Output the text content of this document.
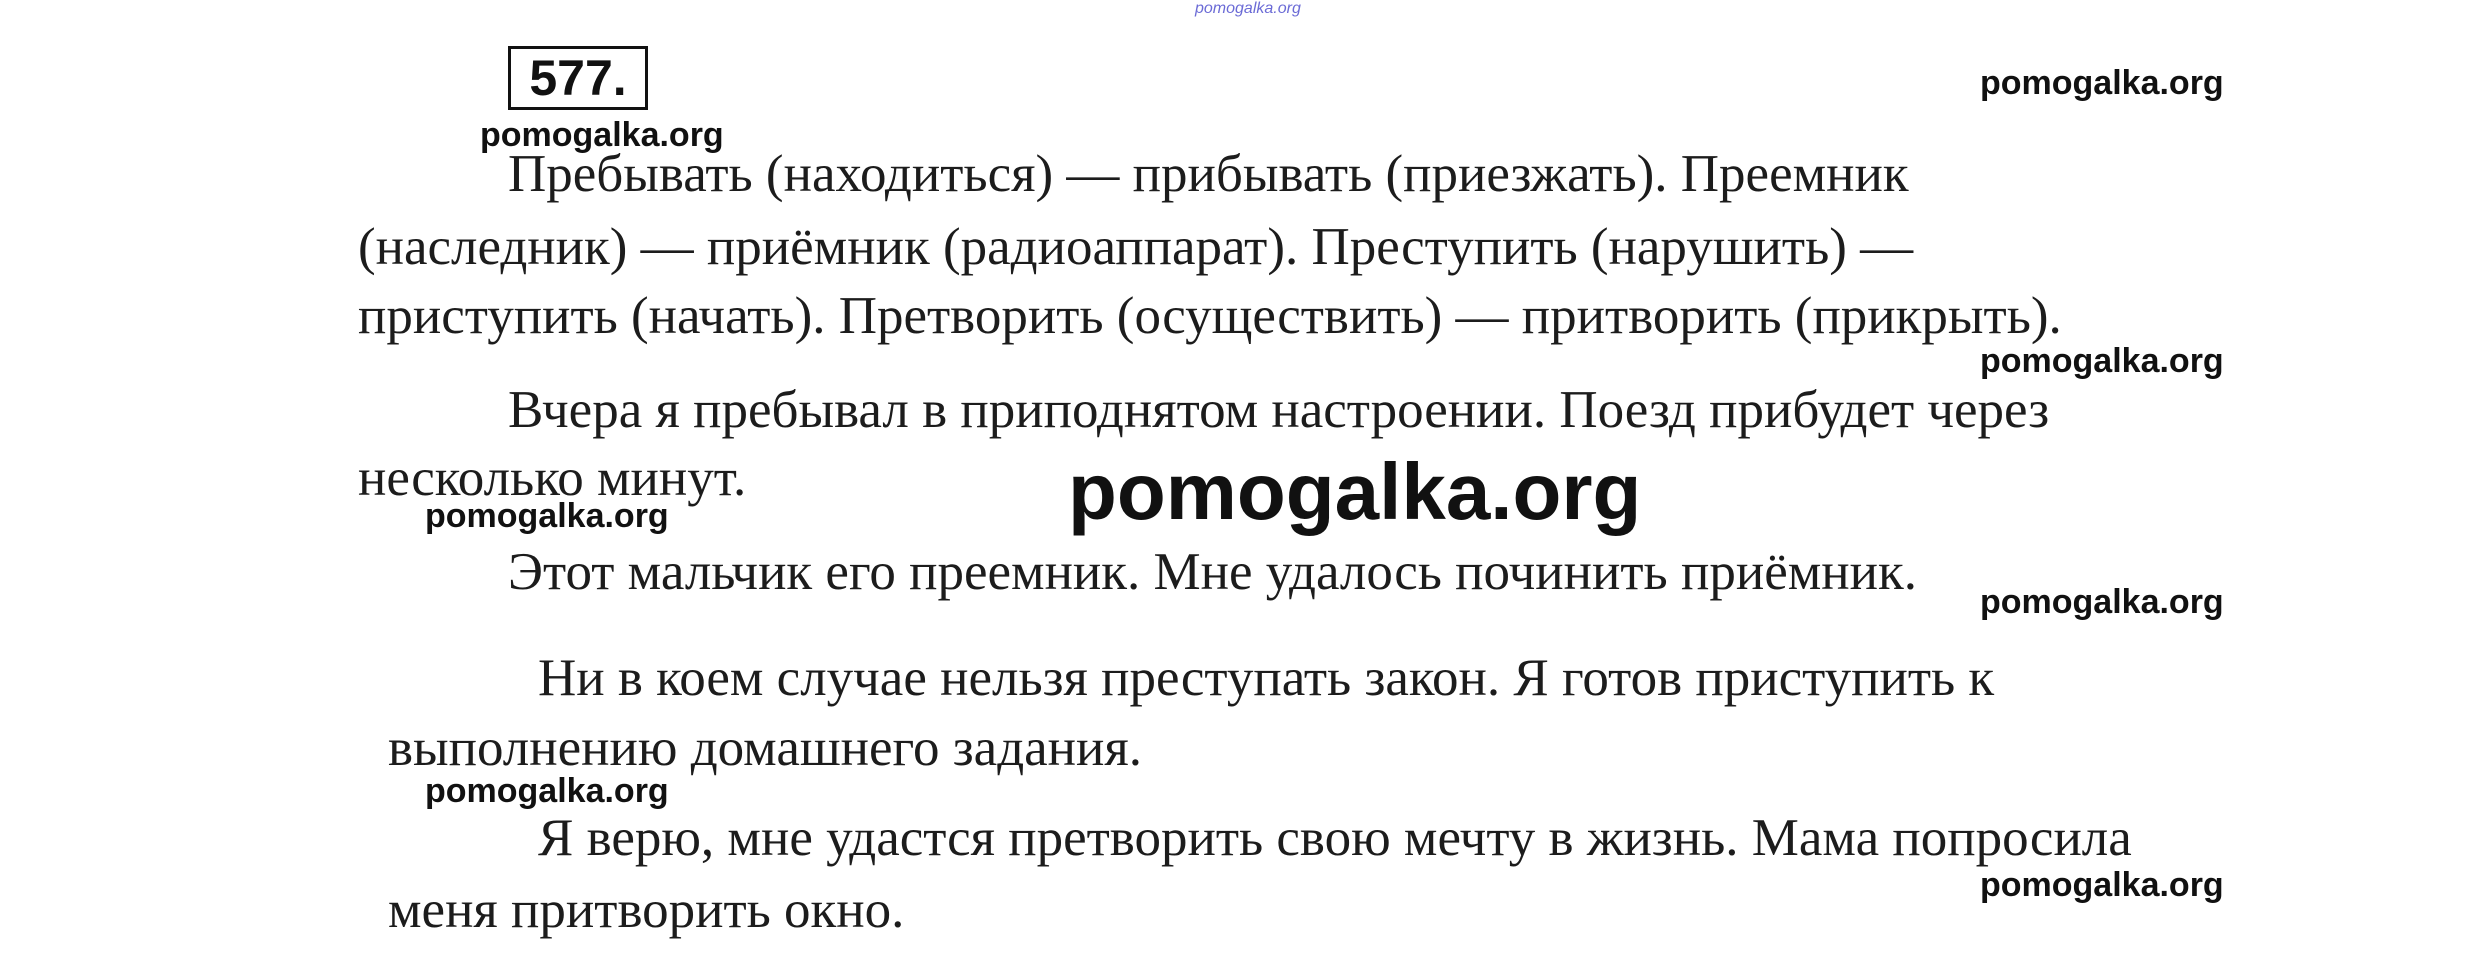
pomogalka.org
577.
pomogalka.org
pomogalka.org
pomogalka.org
pomogalka.org
pomogalka.org
pomogalka.org
pomogalka.org
pomogalka.org
Пребывать (находиться) — прибывать (приезжать). Преемник
(наследник) — приёмник (радиоаппарат). Преступить (нарушить) —
приступить (начать). Претворить (осуществить) — притворить (прикрыть).
Вчера я пребывал в приподнятом настроении. Поезд прибудет через
несколько минут.
Этот мальчик его преемник. Мне удалось починить приёмник.
Ни в коем случае нельзя преступать закон. Я готов приступить к
выполнению домашнего задания.
Я верю, мне удастся претворить свою мечту в жизнь. Мама попросила
меня притворить окно.
